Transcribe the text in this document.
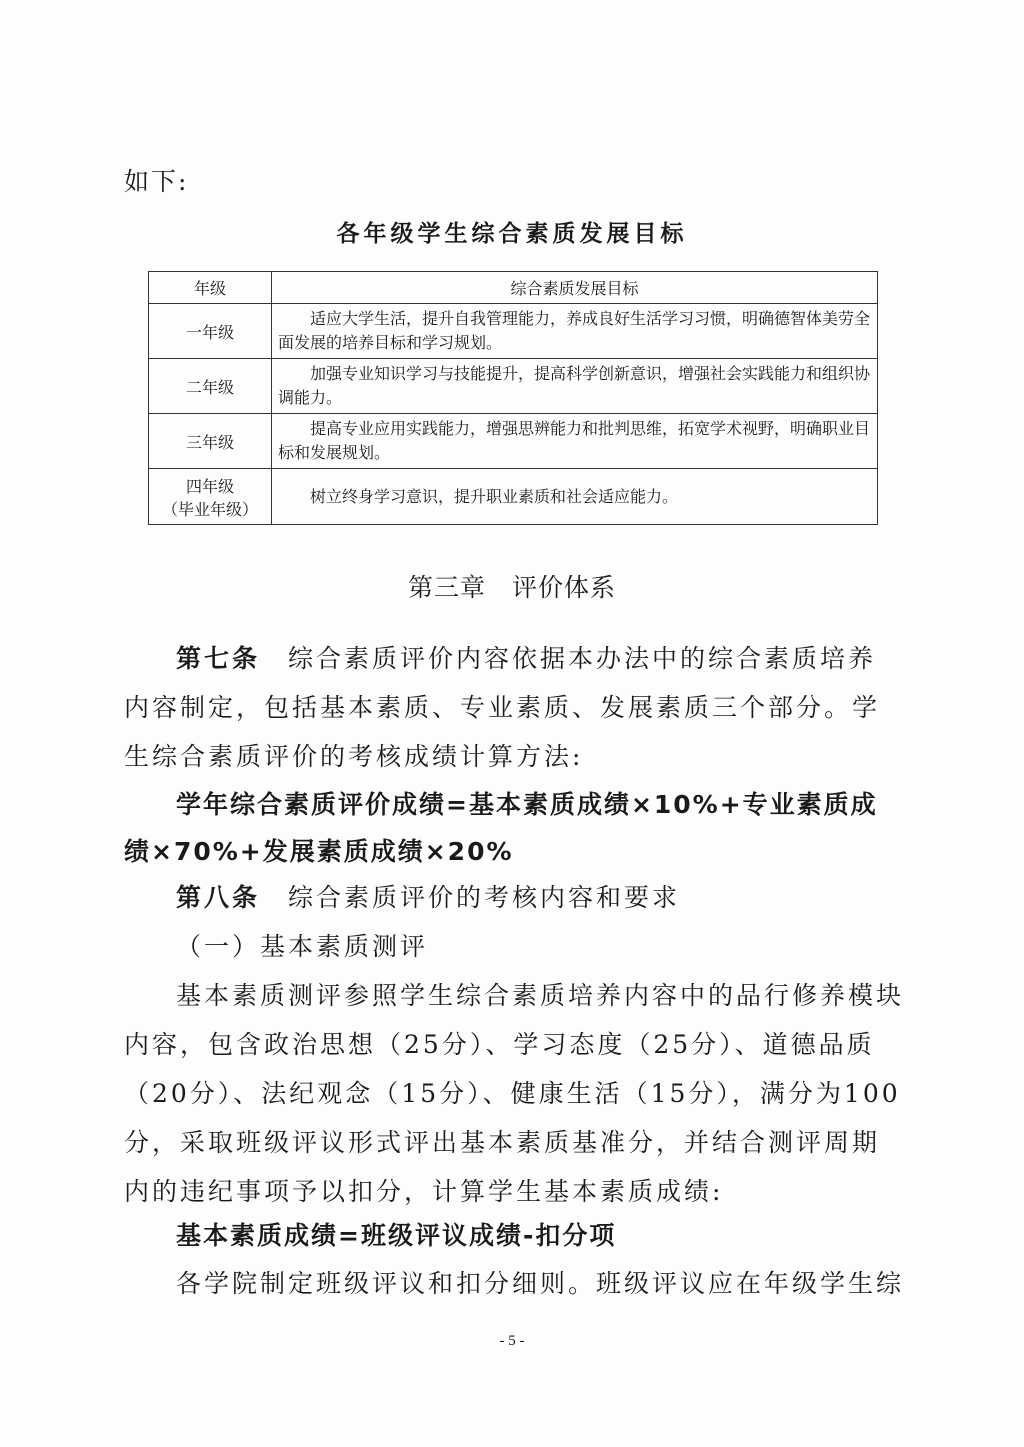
如下:
各年级学生综合素质发展目标
年级	综合素质发展目标
一年级	适应大学生活，提升自我管理能力，养成良好生活学习习惯，明确德智体美劳全面发展的培养目标和学习规划。
二年级	加强专业知识学习与技能提升，提高科学创新意识，增强社会实践能力和组织协调能力。
三年级	提高专业应用实践能力，增强思辨能力和批判思维，拓宽学术视野，明确职业目标和发展规划。

四年级
（毕业年级）	树立终身学习意识，提升职业素质和社会适应能力。
第三章　评价体系
第七条　 综合素质评价内容依据本办法中的综合素质培养内容制定，包括基本素质、专业素质、发展素质三个部分。学生综合素质评价的考核成绩计算方法:
学年综合素质评价成绩=基本素质成绩×10%+专业素质成绩×70%+发展素质成绩×20%
第八条　 综合素质评价的考核内容和要求
（一）基本素质测评
基本素质测评参照学生综合素质培养内容中的品行修养模块内容，包含政治思想（25分）、学习态度（25分）、道德品质（20分）、法纪观念（15分）、健康生活（15分），满分为100分，采取班级评议形式评出基本素质基准分，并结合测评周期内的违纪事项予以扣分，计算学生基本素质成绩:
基本素质成绩=班级评议成绩-扣分项
各学院制定班级评议和扣分细则。班级评议应在年级学生综
- 5 -
